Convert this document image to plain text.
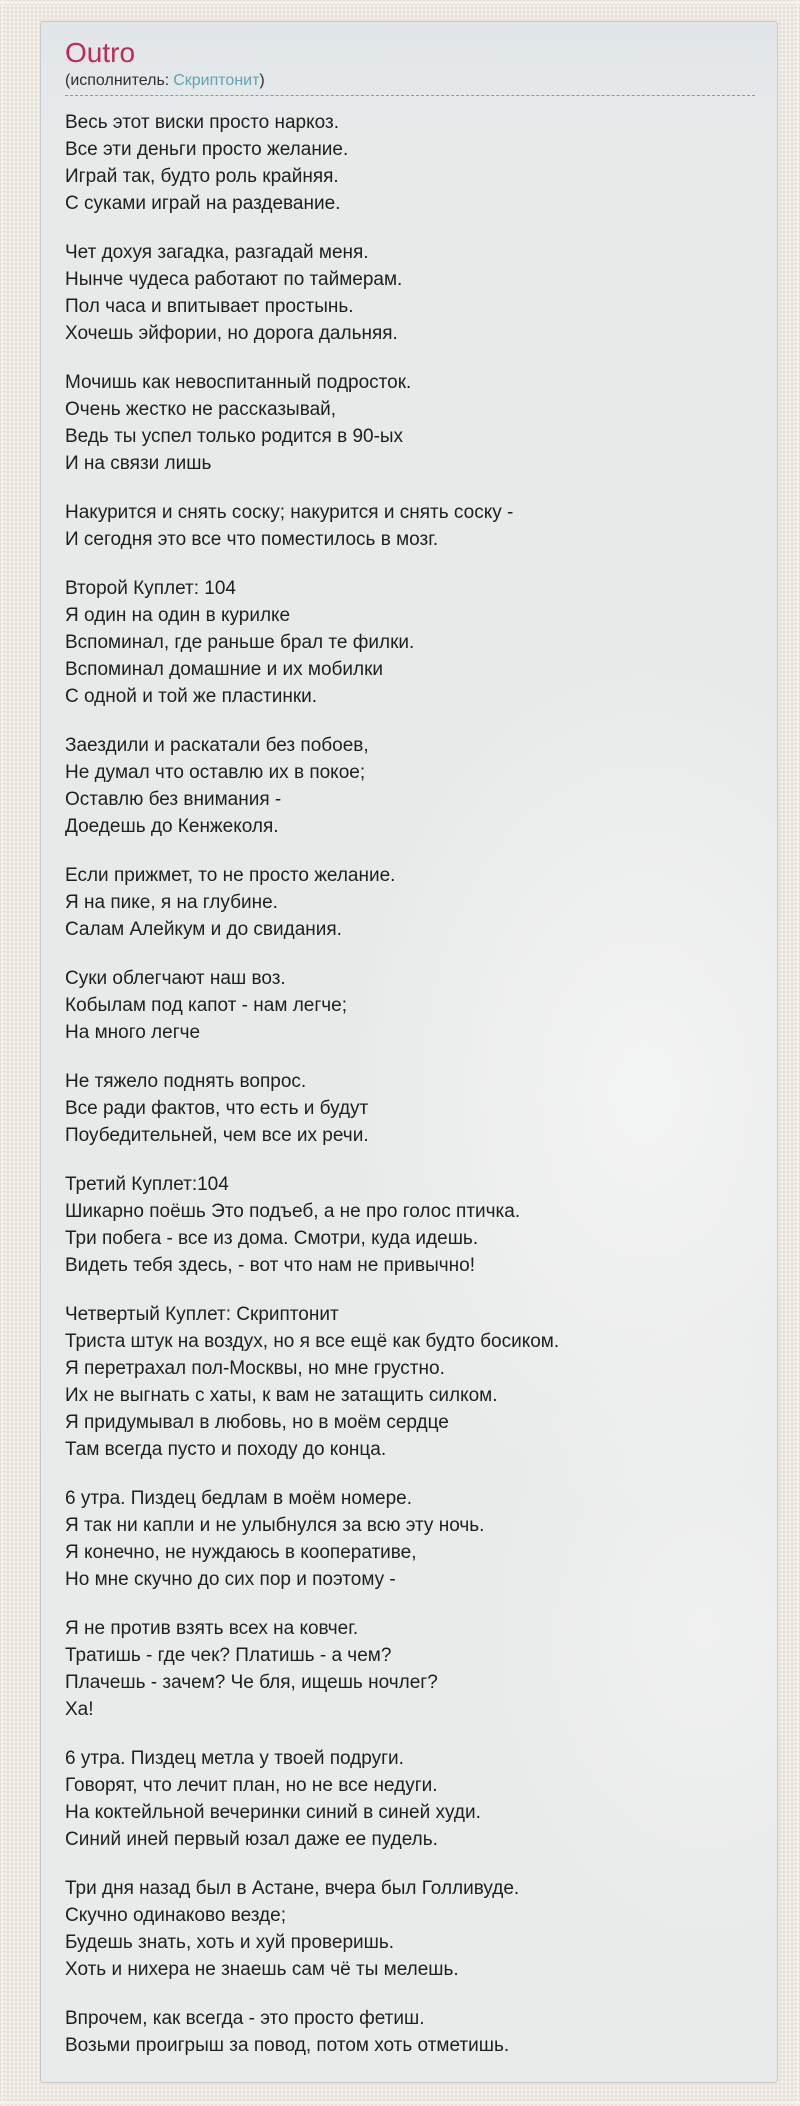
Outro
(исполнитель: Скриптонит)

Весь этот виски просто наркоз.
Все эти деньги просто желание.
Играй так, будто роль крайняя.
С суками играй на раздевание.

Чет дохуя загадка, разгадай меня.
Нынче чудеса работают по таймерам.
Пол часа и впитывает простынь.
Хочешь эйфории, но дорога дальняя.

Мочишь как невоспитанный подросток.
Очень жестко не рассказывай,
Ведь ты успел только родится в 90-ых
И на связи лишь

Накурится и снять соску; накурится и снять соску -
И сегодня это все что поместилось в мозг.

Второй Куплет: 104
Я один на один в курилке
Вспоминал, где раньше брал те филки.
Вспоминал домашние и их мобилки
С одной и той же пластинки.

Заездили и раскатали без побоев,
Не думал что оставлю их в покое;
Оставлю без внимания -
Доедешь до Кенжеколя.

Если прижмет, то не просто желание.
Я на пике, я на глубине.
Салам Алейкум и до свидания.

Суки облегчают наш воз.
Кобылам под капот - нам легче;
На много легче

Не тяжело поднять вопрос.
Все ради фактов, что есть и будут
Поубедительней, чем все их речи.

Третий Куплет:104
Шикарно поёшь Это подъеб, а не про голос птичка.
Три побега - все из дома. Смотри, куда идешь.
Видеть тебя здесь, - вот что нам не привычно!

Четвертый Куплет: Скриптонит
Триста штук на воздух, но я все ещё как будто босиком.
Я перетрахал пол-Москвы, но мне грустно.
Их не выгнать с хаты, к вам не затащить силком.
Я придумывал в любовь, но в моём сердце
Там всегда пусто и походу до конца.

6 утра. Пиздец бедлам в моём номере.
Я так ни капли и не улыбнулся за всю эту ночь.
Я конечно, не нуждаюсь в кооперативе,
Но мне скучно до сих пор и поэтому -

Я не против взять всех на ковчег.
Тратишь - где чек? Платишь - а чем?
Плачешь - зачем? Че бля, ищешь ночлег?
Ха!

6 утра. Пиздец метла у твоей подруги.
Говорят, что лечит план, но не все недуги.
На коктейльной вечеринки синий в синей худи.
Синий иней первый юзал даже ее пудель.

Три дня назад был в Астане, вчера был Голливуде.
Скучно одинаково везде;
Будешь знать, хоть и хуй проверишь.
Хоть и нихера не знаешь сам чё ты мелешь.

Впрочем, как всегда - это просто фетиш.
Возьми проигрыш за повод, потом хоть отметишь.
